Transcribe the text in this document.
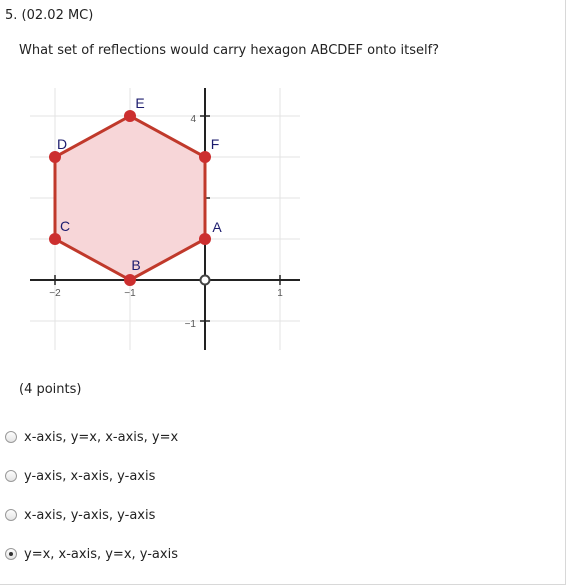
5. (02.02 MC)
What set of reflections would carry hexagon ABCDEF onto itself?
−2	−1	1
4
−1
A
B
C
D
E
F
(4 points)
x-axis, y=x, x-axis, y=x
y-axis, x-axis, y-axis
x-axis, y-axis, y-axis
y=x, x-axis, y=x, y-axis
